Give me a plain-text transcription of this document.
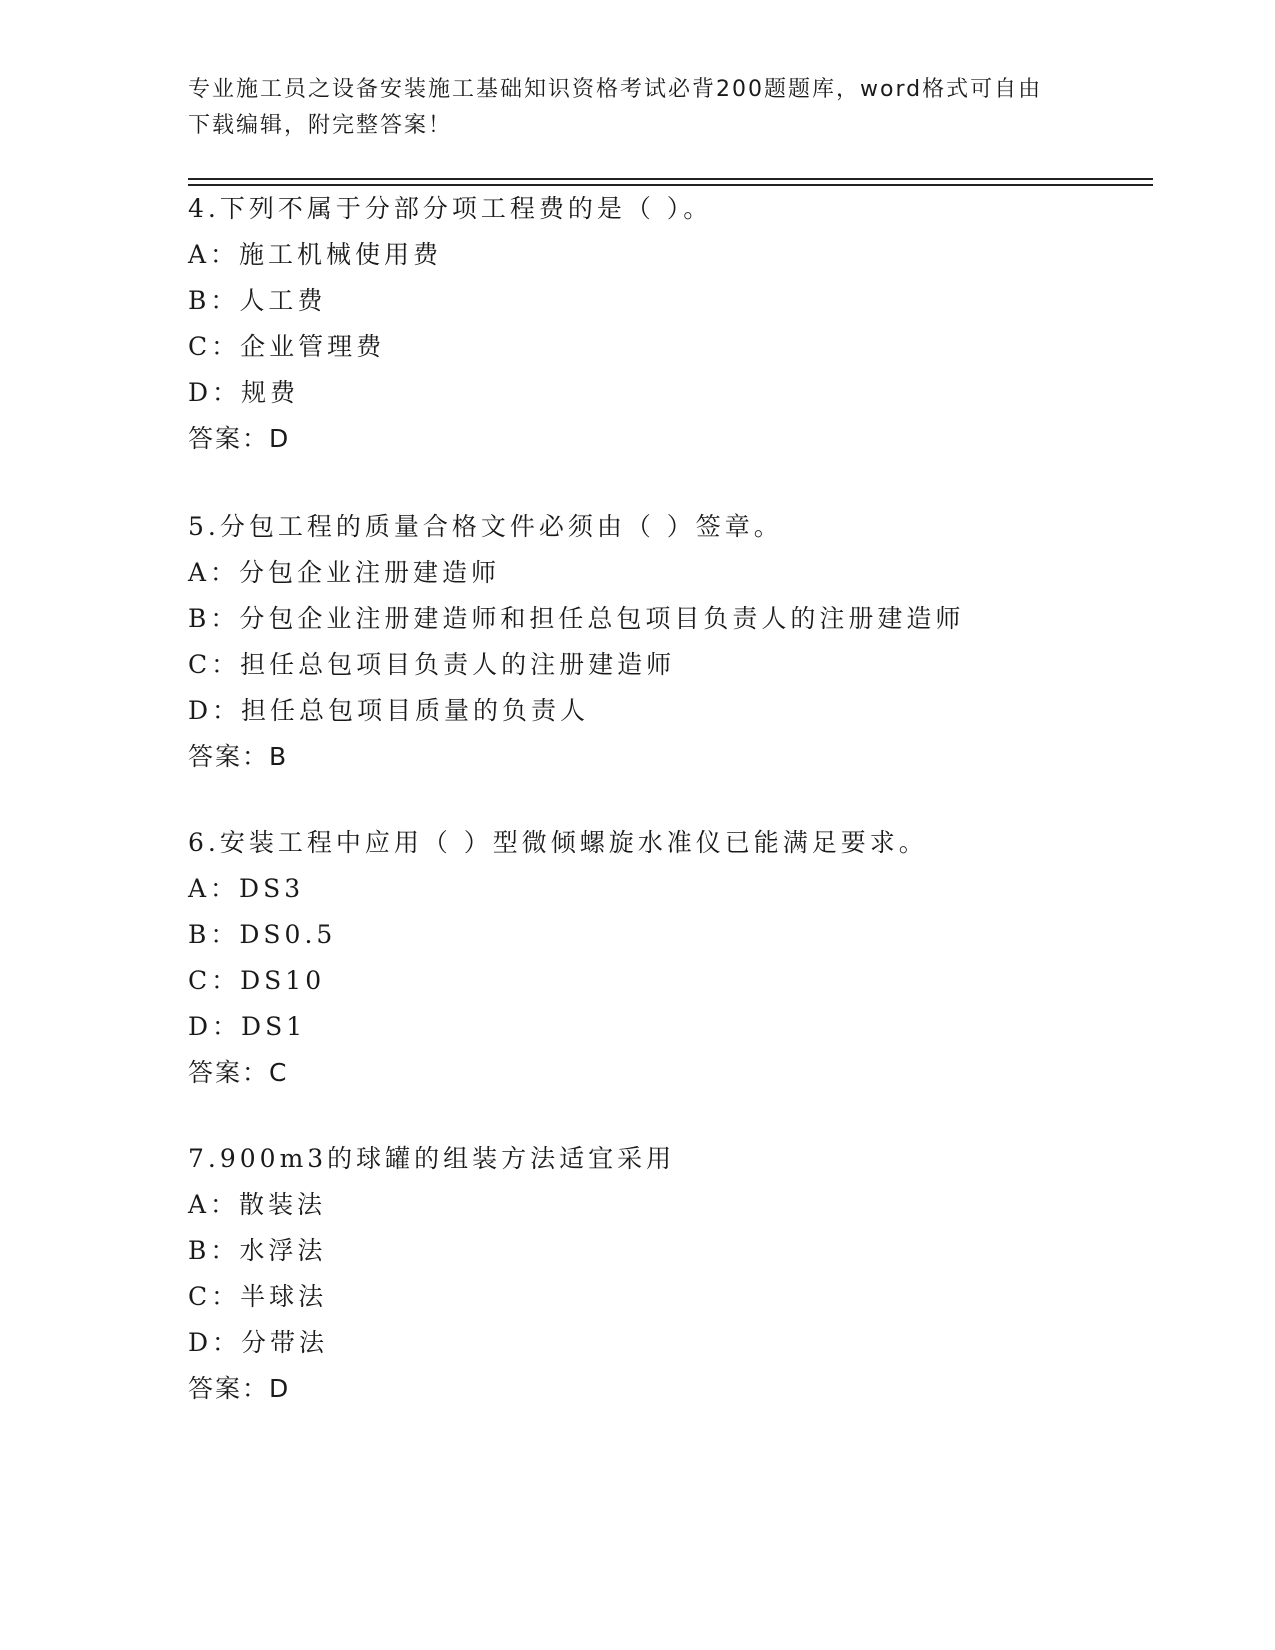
专业施工员之设备安装施工基础知识资格考试必背200题题库，word格式可自由
下载编辑，附完整答案！
4.下列不属于分部分项工程费的是（ ）。
A：施工机械使用费
B：人工费
C：企业管理费
D：规费
答案：D
5.分包工程的质量合格文件必须由（ ）签章。
A：分包企业注册建造师
B：分包企业注册建造师和担任总包项目负责人的注册建造师
C：担任总包项目负责人的注册建造师
D：担任总包项目质量的负责人
答案：B
6.安装工程中应用（ ）型微倾螺旋水准仪已能满足要求。
A：DS3
B：DS0.5
C：DS10
D：DS1
答案：C
7.900m3的球罐的组装方法适宜采用
A：散装法
B：水浮法
C：半球法
D：分带法
答案：D
